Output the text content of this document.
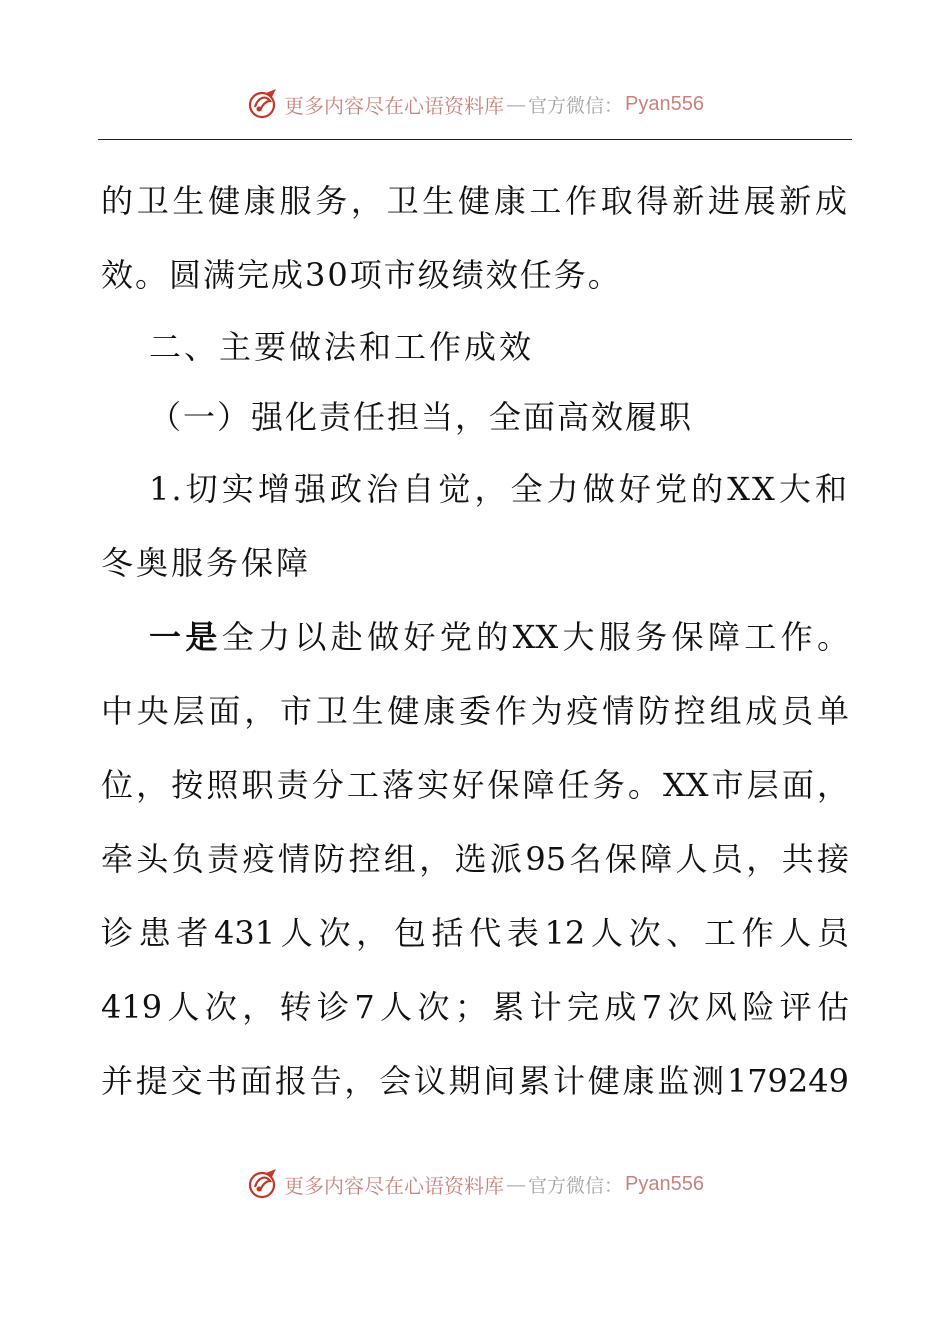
更多内容尽在心语资料库 — 官方微信： Pyan556
的卫生健康服务，卫生健康工作取得新进展新成
效。圆满完成30项市级绩效任务。
二、主要做法和工作成效
（一）强化责任担当，全面高效履职
1.切实增强政治自觉，全力做好党的XX大和
冬奥服务保障
一是全力以赴做好党的XX大服务保障工作。
中央层面，市卫生健康委作为疫情防控组成员单
位，按照职责分工落实好保障任务。XX市层面，
牵头负责疫情防控组，选派95名保障人员，共接
诊患者431人次，包括代表12人次、工作人员
419人次，转诊7人次；累计完成7次风险评估
并提交书面报告，会议期间累计健康监测179249
更多内容尽在心语资料库 — 官方微信： Pyan556
